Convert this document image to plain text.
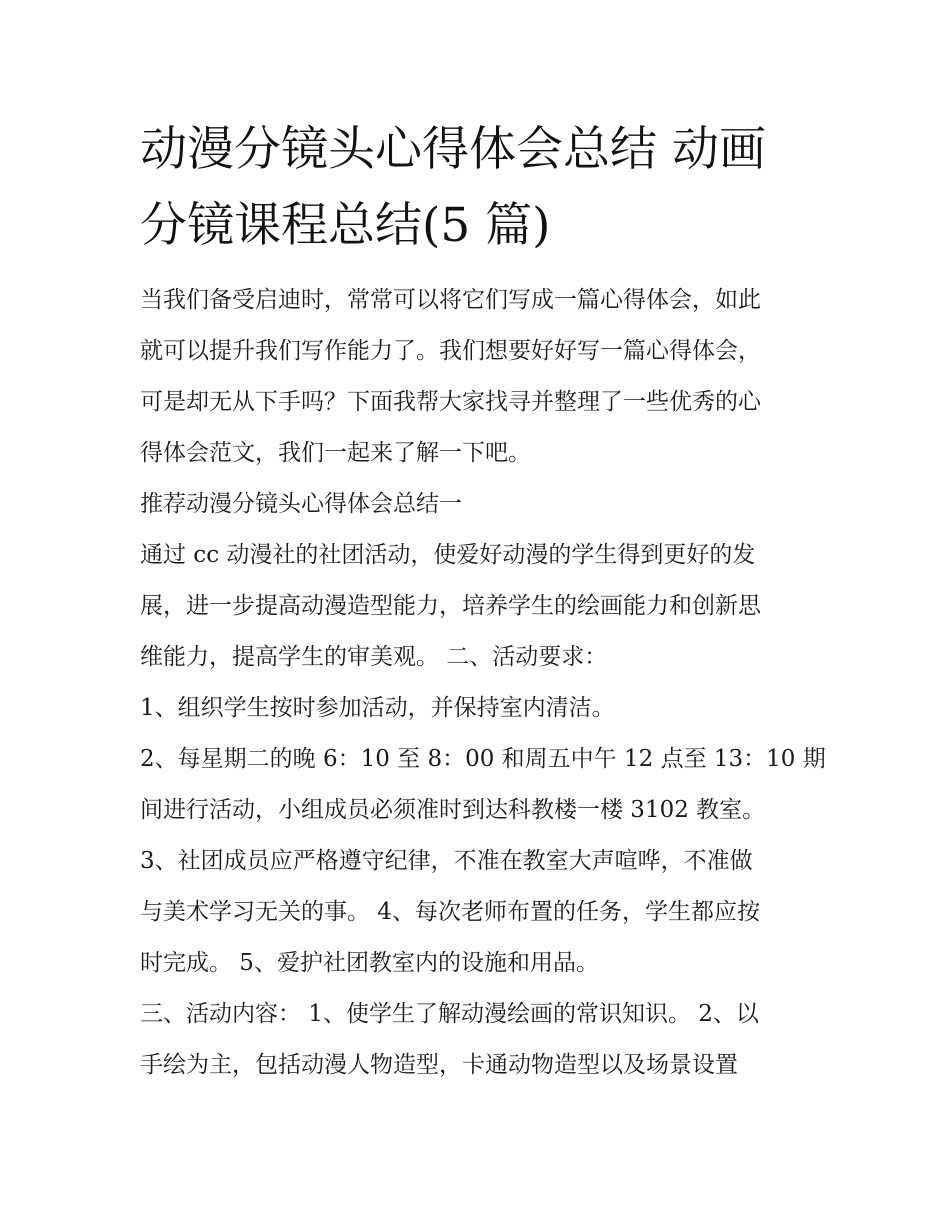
动漫分镜头心得体会总结 动画
分镜课程总结(5 篇)
当我们备受启迪时，常常可以将它们写成一篇心得体会，如此
就可以提升我们写作能力了。我们想要好好写一篇心得体会，
可是却无从下手吗？下面我帮大家找寻并整理了一些优秀的心
得体会范文，我们一起来了解一下吧。
推荐动漫分镜头心得体会总结一
通过 cc 动漫社的社团活动，使爱好动漫的学生得到更好的发
展，进一步提高动漫造型能力，培养学生的绘画能力和创新思
维能力，提高学生的审美观。 二、活动要求：
1、组织学生按时参加活动，并保持室内清洁。
2、每星期二的晚 6：10 至 8：00 和周五中午 12 点至 13：10 期
间进行活动，小组成员必须准时到达科教楼一楼 3102 教室。
3、社团成员应严格遵守纪律，不准在教室大声喧哗，不准做
与美术学习无关的事。 4、每次老师布置的任务，学生都应按
时完成。 5、爱护社团教室内的设施和用品。
三、活动内容： 1、使学生了解动漫绘画的常识知识。 2、以
手绘为主，包括动漫人物造型，卡通动物造型以及场景设置
